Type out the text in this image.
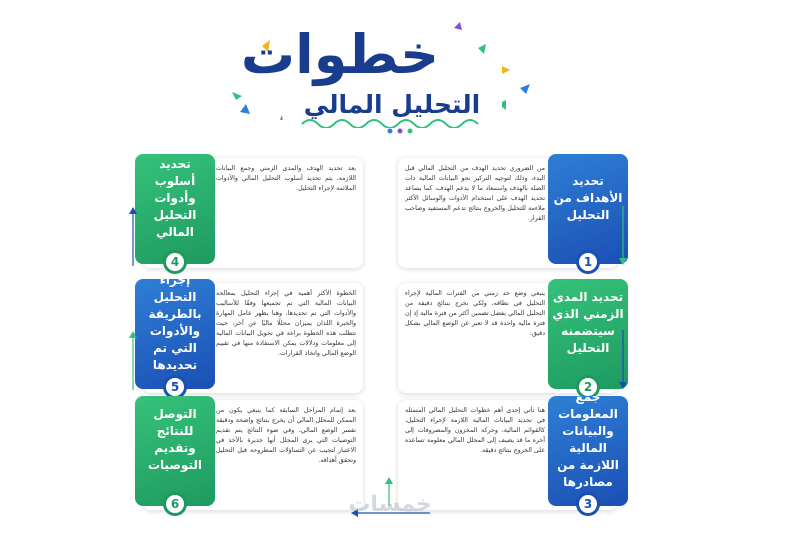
خطوات
التحليل المالي
من الضروري تحديد الهدف من التحليل المالي قبل البدء، وذلك لتوجيه التركيز نحو البيانات المالية ذات الصلة بالهدف واستبعاد ما لا يدعم الهدف، كما يساعد تحديد الهدف على استخدام الأدوات والوسائل الأكثر ملاءمة للتحليل والخروج بنتائج تدعم المستفيد وصاحب القرار.
تحديد الأهداف من التحليل
1
ينبغي وضع حد زمني من الفترات المالية لإجراء التحليل في نطاقه، ولكي نخرج بنتائج دقيقة من التحليل المالي يفضل تضمين أكثر من فترة مالية إذ إن فترة مالية واحدة قد لا تعبر عن الوضع المالي بشكل دقيق.
تحديد المدى الزمني الذي سيتضمنه التحليل
2
هنا تأتي إحدى أهم خطوات التحليل المالي المتمثلة في تحديد البيانات المالية اللازمة لإجراء التحليل، كالقوائم المالية، وحركة المخزون والمصروفات إلى آخره ما قد يضيف إلى المحلل المالي معلومة تساعده على الخروج بنتائج دقيقة.
جمع المعلومات والبيانات المالية اللازمة من مصادرها
3
تحديد أسلوب وأدوات التحليل المالي
4
بعد تحديد الهدف والمدى الزمني وجمع البيانات اللازمة، يتم تحديد أسلوب التحليل المالي والأدوات الملائمة لإجراء التحليل.
إجراء التحليل بالطريقة والأدوات التي تم تحديدها
5
الخطوة الأكثر أهمية في إجراء التحليل بمعالجة البيانات المالية التي تم تجميعها وفقًا للأساليب والأدوات التي تم تحديدها، وهنا يظهر عامل المهارة والخبرة اللذان يميزان محللًا ماليًا عن آخر، حيث تتطلب هذه الخطوة براعة في تحويل البيانات المالية إلى معلومات ودلالات يمكن الاستفادة منها في تقييم الوضع المالي واتخاذ القرارات.
التوصل للنتائج وتقديم التوصيات
6
بعد إتمام المراحل السابقة كما ينبغي يكون من الممكن للمحلل المالي أن يخرج بنتائج واضحة ودقيقة تفسر الوضع المالي، وفي ضوء النتائج يتم تقديم التوصيات التي يرى المحلل أنها جديرة بالأخذ في الاعتبار لتجيب عن التساؤلات المطروحة قبل التحليل وتحقق أهدافه.
خمسات
